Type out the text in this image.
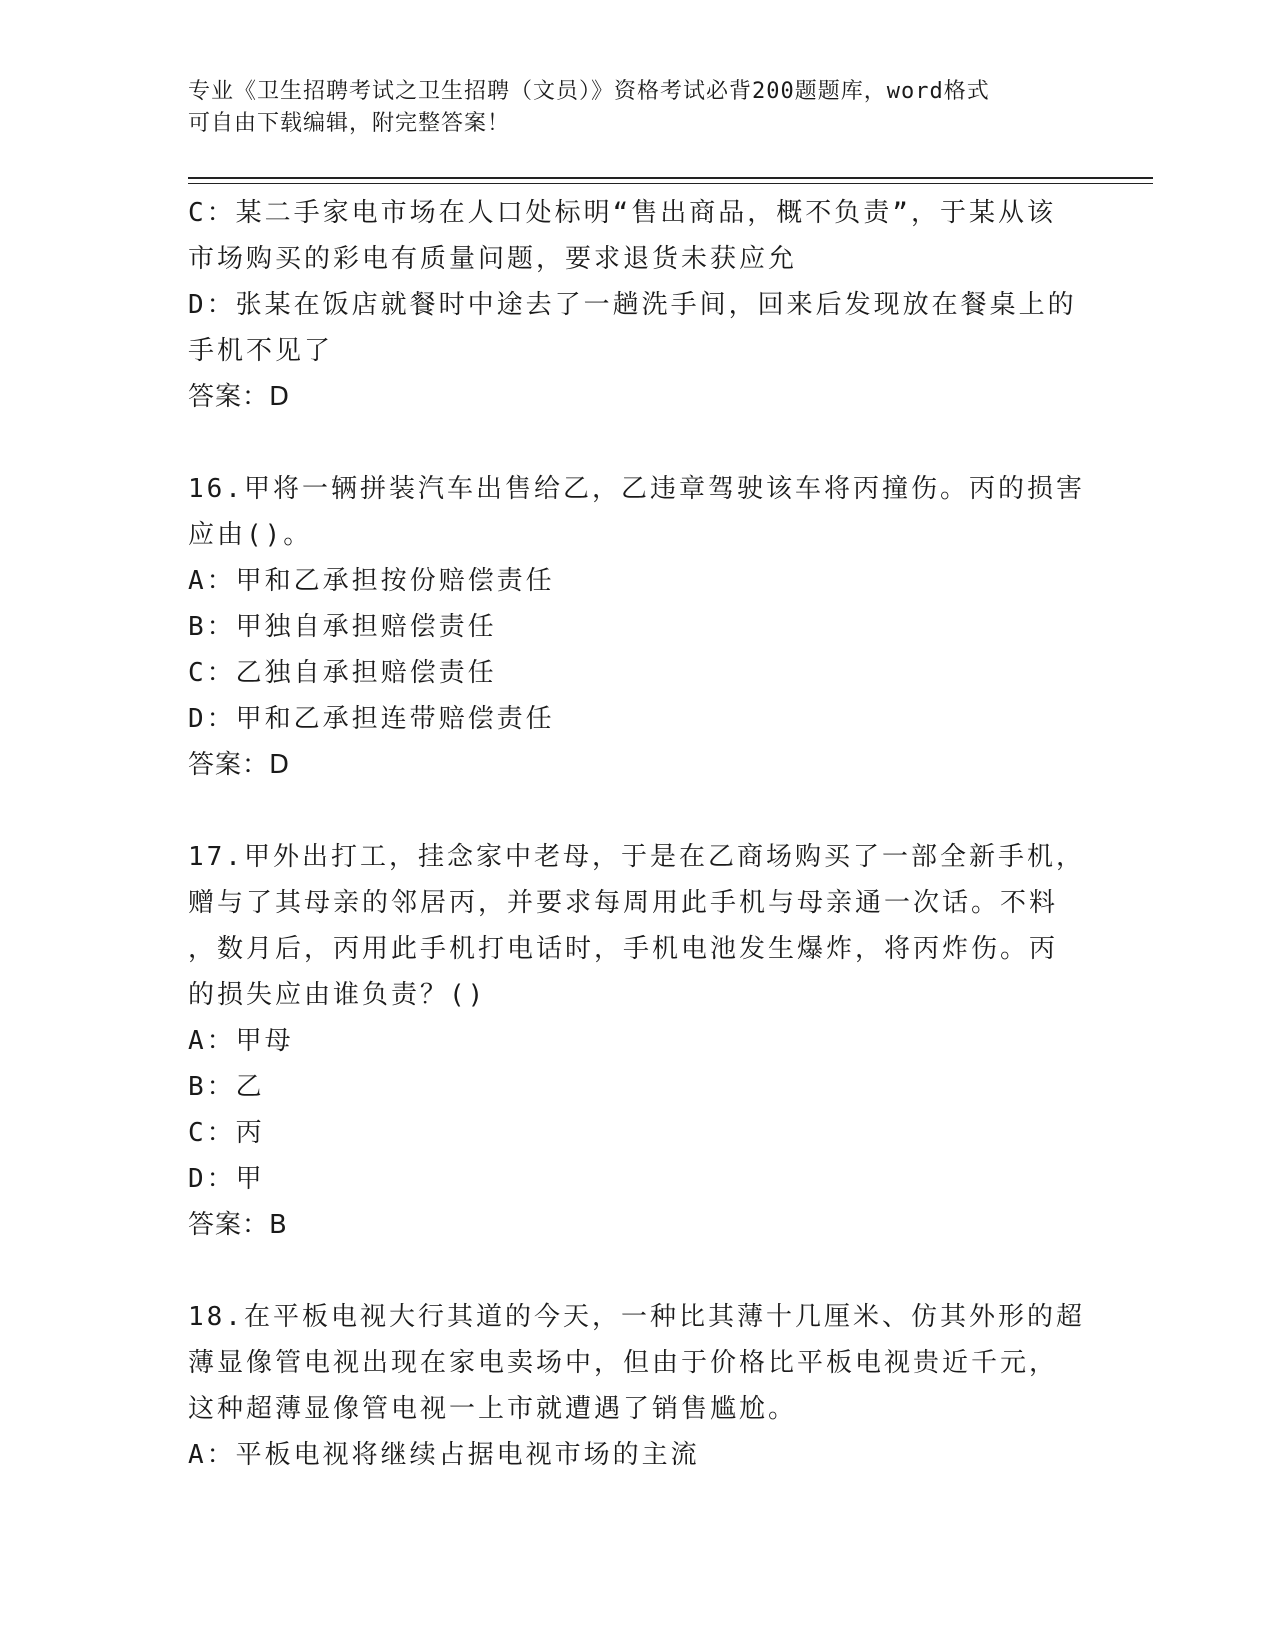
专业《卫生招聘考试之卫生招聘（文员）》资格考试必背200题题库，word格式
可自由下载编辑，附完整答案！
C：某二手家电市场在人口处标明“售出商品，概不负责”，于某从该
市场购买的彩电有质量问题，要求退货未获应允
D：张某在饭店就餐时中途去了一趟洗手间，回来后发现放在餐桌上的
手机不见了
答案：D
16.甲将一辆拼装汽车出售给乙，乙违章驾驶该车将丙撞伤。丙的损害
应由()。
A：甲和乙承担按份赔偿责任
B：甲独自承担赔偿责任
C：乙独自承担赔偿责任
D：甲和乙承担连带赔偿责任
答案：D
17.甲外出打工，挂念家中老母，于是在乙商场购买了一部全新手机，
赠与了其母亲的邻居丙，并要求每周用此手机与母亲通一次话。不料
，数月后，丙用此手机打电话时，手机电池发生爆炸，将丙炸伤。丙
的损失应由谁负责？()
A：甲母
B：乙
C：丙
D：甲
答案：B
18.在平板电视大行其道的今天，一种比其薄十几厘米、仿其外形的超
薄显像管电视出现在家电卖场中，但由于价格比平板电视贵近千元，
这种超薄显像管电视一上市就遭遇了销售尴尬。
A：平板电视将继续占据电视市场的主流
